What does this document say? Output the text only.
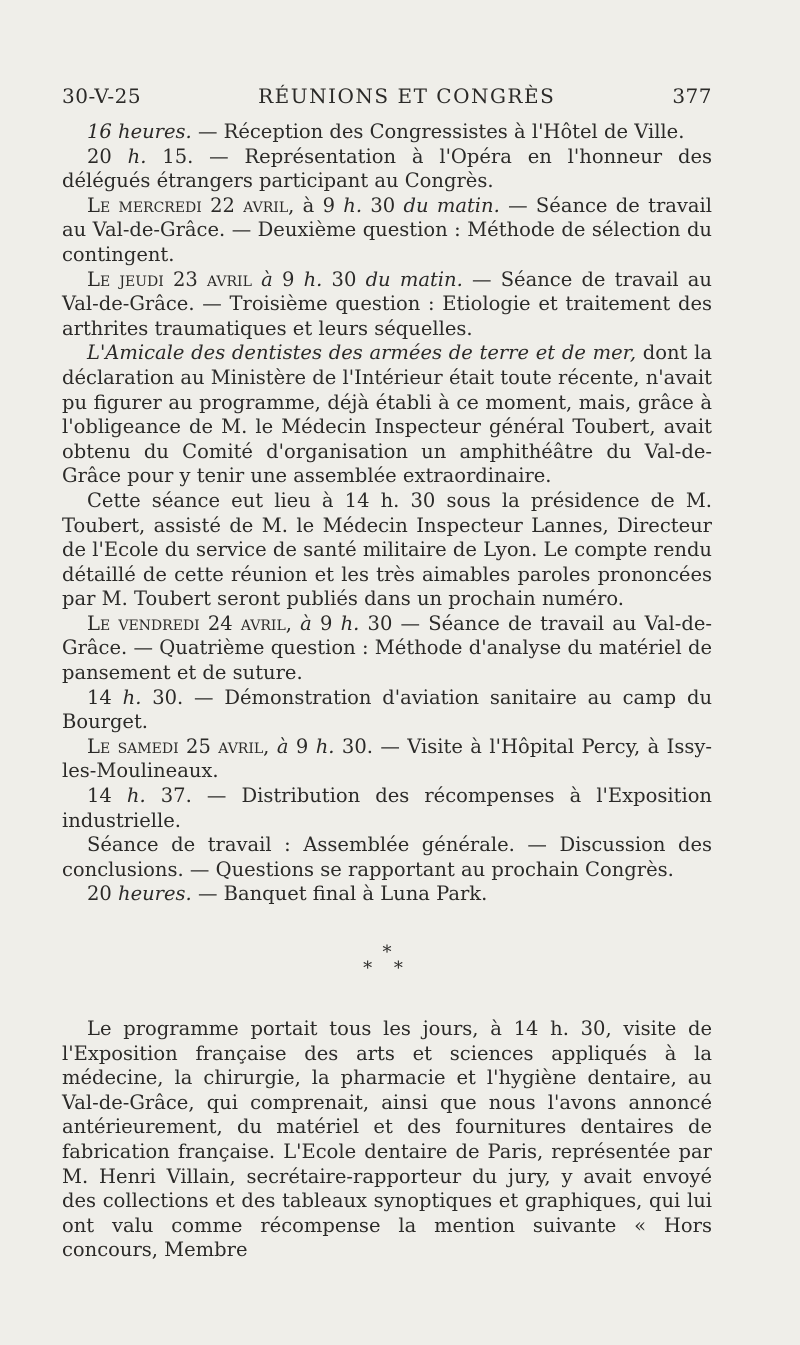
30-V-25	RÉUNIONS ET CONGRÈS	377

16 heures. — Réception des Congressistes à l'Hôtel de Ville.

20 h. 15. — Représentation à l'Opéra en l'honneur des délégués étrangers participant au Congrès.

Le mercredi 22 avril, à 9 h. 30 du matin. — Séance de travail au Val-de-Grâce. — Deuxième question : Méthode de sélection du contingent.

Le jeudi 23 avril à 9 h. 30 du matin. — Séance de travail au Val-de-Grâce. — Troisième question : Etiologie et traitement des arthrites traumatiques et leurs séquelles.

L'Amicale des dentistes des armées de terre et de mer, dont la déclaration au Ministère de l'Intérieur était toute récente, n'avait pu figurer au programme, déjà établi à ce moment, mais, grâce à l'obligeance de M. le Médecin Inspecteur général Toubert, avait obtenu du Comité d'organisation un amphithéâtre du Val-de-Grâce pour y tenir une assemblée extraordinaire.

Cette séance eut lieu à 14 h. 30 sous la présidence de M. Toubert, assisté de M. le Médecin Inspecteur Lannes, Directeur de l'Ecole du service de santé militaire de Lyon. Le compte rendu détaillé de cette réunion et les très aimables paroles prononcées par M. Toubert seront publiés dans un prochain numéro.

Le vendredi 24 avril, à 9 h. 30 — Séance de travail au Val-de-Grâce. — Quatrième question : Méthode d'analyse du matériel de pansement et de suture.

14 h. 30. — Démonstration d'aviation sanitaire au camp du Bourget.

Le samedi 25 avril, à 9 h. 30. — Visite à l'Hôpital Percy, à Issy-les-Moulineaux.

14 h. 37. — Distribution des récompenses à l'Exposition industrielle.

Séance de travail : Assemblée générale. — Discussion des conclusions. — Questions se rapportant au prochain Congrès.

20 heures. — Banquet final à Luna Park.

*
* *

Le programme portait tous les jours, à 14 h. 30, visite de l'Exposition française des arts et sciences appliqués à la médecine, la chirurgie, la pharmacie et l'hygiène dentaire, au Val-de-Grâce, qui comprenait, ainsi que nous l'avons annoncé antérieurement, du matériel et des fournitures dentaires de fabrication française. L'Ecole dentaire de Paris, représentée par M. Henri Villain, secrétaire-rapporteur du jury, y avait envoyé des collections et des tableaux synoptiques et graphiques, qui lui ont valu comme récompense la mention suivante « Hors concours, Membre
